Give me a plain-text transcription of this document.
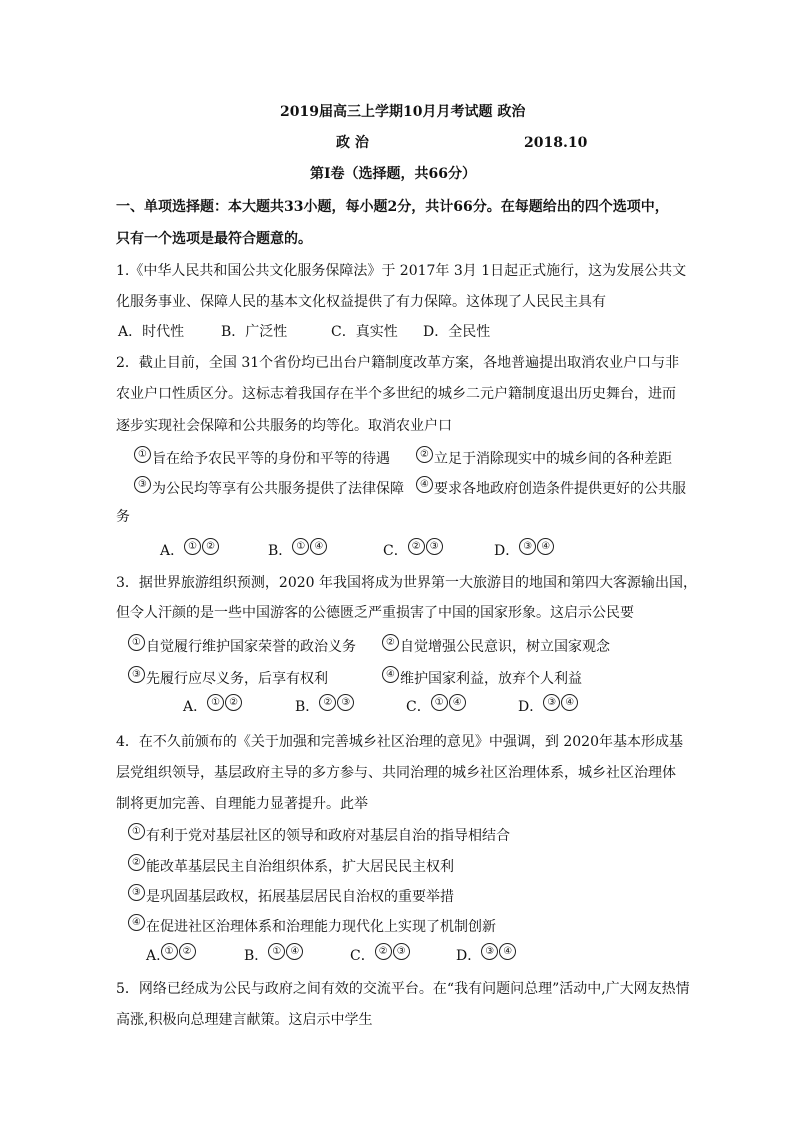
2019届高三上学期10月月考试题 政治
政 治	2018.10
第Ⅰ卷（选择题，共66分）
一、单项选择题：本大题共33小题，每小题2分，共计66分。在每题给出的四个选项中，
只有一个选项是最符合题意的。
1.《中华人民共和国公共文化服务保障法》于 2017年 3月 1日起正式施行，这为发展公共文
化服务事业、保障人民的基本文化权益提供了有力保障。这体现了人民民主具有
A．时代性	B．广泛性	C．真实性 D．全民性
2．截止目前，全国 31个省份均已出台户籍制度改革方案，各地普遍提出取消农业户口与非
农业户口性质区分。这标志着我国存在半个多世纪的城乡二元户籍制度退出历史舞台，进而
逐步实现社会保障和公共服务的均等化。取消农业户口
① 旨在给予农民平等的身份和平等的待遇	② 立足于消除现实中的城乡间的各种差距
③ 为公民均等享有公共服务提供了法律保障	④ 要求各地政府创造条件提供更好的公共服
务
A． ① ②	B． ① ④	C． ② ③	D． ③ ④
3．据世界旅游组织预测，2020 年我国将成为世界第一大旅游目的地国和第四大客源输出国，
但令人汗颜的是一些中国游客的公德匮乏严重损害了中国的国家形象。这启示公民要
① 自觉履行维护国家荣誉的政治义务	② 自觉增强公民意识，树立国家观念
③ 先履行应尽义务，后享有权利	④ 维护国家利益，放弃个人利益
A． ① ②	B． ② ③	C． ① ④	D． ③ ④
4．在不久前颁布的《关于加强和完善城乡社区治理的意见》中强调，到 2020年基本形成基
层党组织领导，基层政府主导的多方参与、共同治理的城乡社区治理体系，城乡社区治理体
制将更加完善、自理能力显著提升。此举
① 有利于党对基层社区的领导和政府对基层自治的指导相结合
② 能改革基层民主自治组织体系，扩大居民民主权利
③ 是巩固基层政权，拓展基层居民自治权的重要举措
④ 在促进社区治理体系和治理能力现代化上实现了机制创新
A. ① ②	B． ① ④	C． ② ③	D． ③ ④
5．网络已经成为公民与政府之间有效的交流平台。在“我有问题问总理”活动中,广大网友热情
高涨,积极向总理建言献策。这启示中学生
